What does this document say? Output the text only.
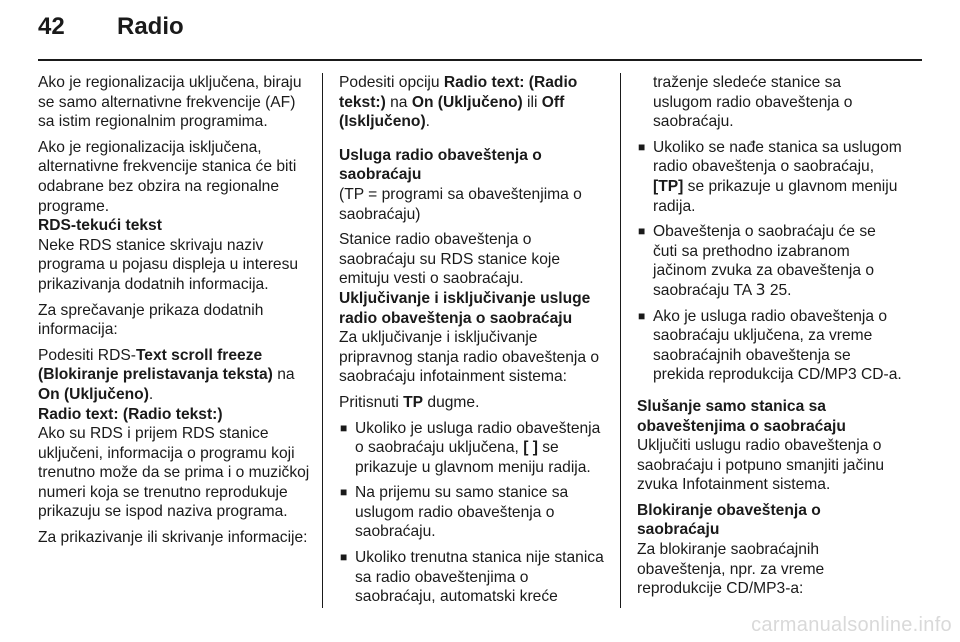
42 Radio

Ako je regionalizacija uključena, biraju se samo alternativne frekvencije (AF) sa istim regionalnim programima.

Ako je regionalizacija isključena, alternativne frekvencije stanica će biti odabrane bez obzira na regionalne programe.

RDS-tekući tekst

Neke RDS stanice skrivaju naziv programa u pojasu displeja u interesu prikazivanja dodatnih informacija.

Za sprečavanje prikaza dodatnih informacija:

Podesiti RDS-Text scroll freeze (Blokiranje prelistavanja teksta) na On (Uključeno).

Radio text: (Radio tekst:)

Ako su RDS i prijem RDS stanice uključeni, informacija o programu koji trenutno može da se prima i o muzičkoj numeri koja se trenutno reprodukuje prikazuju se ispod naziva programa.

Za prikazivanje ili skrivanje informacije:

Podesiti opciju Radio text: (Radio tekst:) na On (Uključeno) ili Off (Isključeno).

Usluga radio obaveštenja o saobraćaju

(TP = programi sa obaveštenjima o saobraćaju)

Stanice radio obaveštenja o saobraćaju su RDS stanice koje emituju vesti o saobraćaju.

Uključivanje i isključivanje usluge radio obaveštenja o saobraćaju

Za uključivanje i isključivanje pripravnog stanja radio obaveštenja o saobraćaju infotainment sistema:

Pritisnuti TP dugme.

■ Ukoliko je usluga radio obaveštenja o saobraćaju uključena, [ ] se prikazuje u glavnom meniju radija.

■ Na prijemu su samo stanice sa uslugom radio obaveštenja o saobraćaju.

■ Ukoliko trenutna stanica nije stanica sa radio obaveštenjima o saobraćaju, automatski kreće

traženje sledeće stanice sa uslugom radio obaveštenja o saobraćaju.

■ Ukoliko se nađe stanica sa uslugom radio obaveštenja o saobraćaju, [TP] se prikazuje u glavnom meniju radija.

■ Obaveštenja o saobraćaju će se čuti sa prethodno izabranom jačinom zvuka za obaveštenja o saobraćaju TA 3 25.

■ Ako je usluga radio obaveštenja o saobraćaju uključena, za vreme saobraćajnih obaveštenja se prekida reprodukcija CD/MP3 CD-a.

Slušanje samo stanica sa obaveštenjima o saobraćaju

Uključiti uslugu radio obaveštenja o saobraćaju i potpuno smanjiti jačinu zvuka Infotainment sistema.

Blokiranje obaveštenja o saobraćaju

Za blokiranje saobraćajnih obaveštenja, npr. za vreme reprodukcije CD/MP3-a:

carmanualsonline.info
